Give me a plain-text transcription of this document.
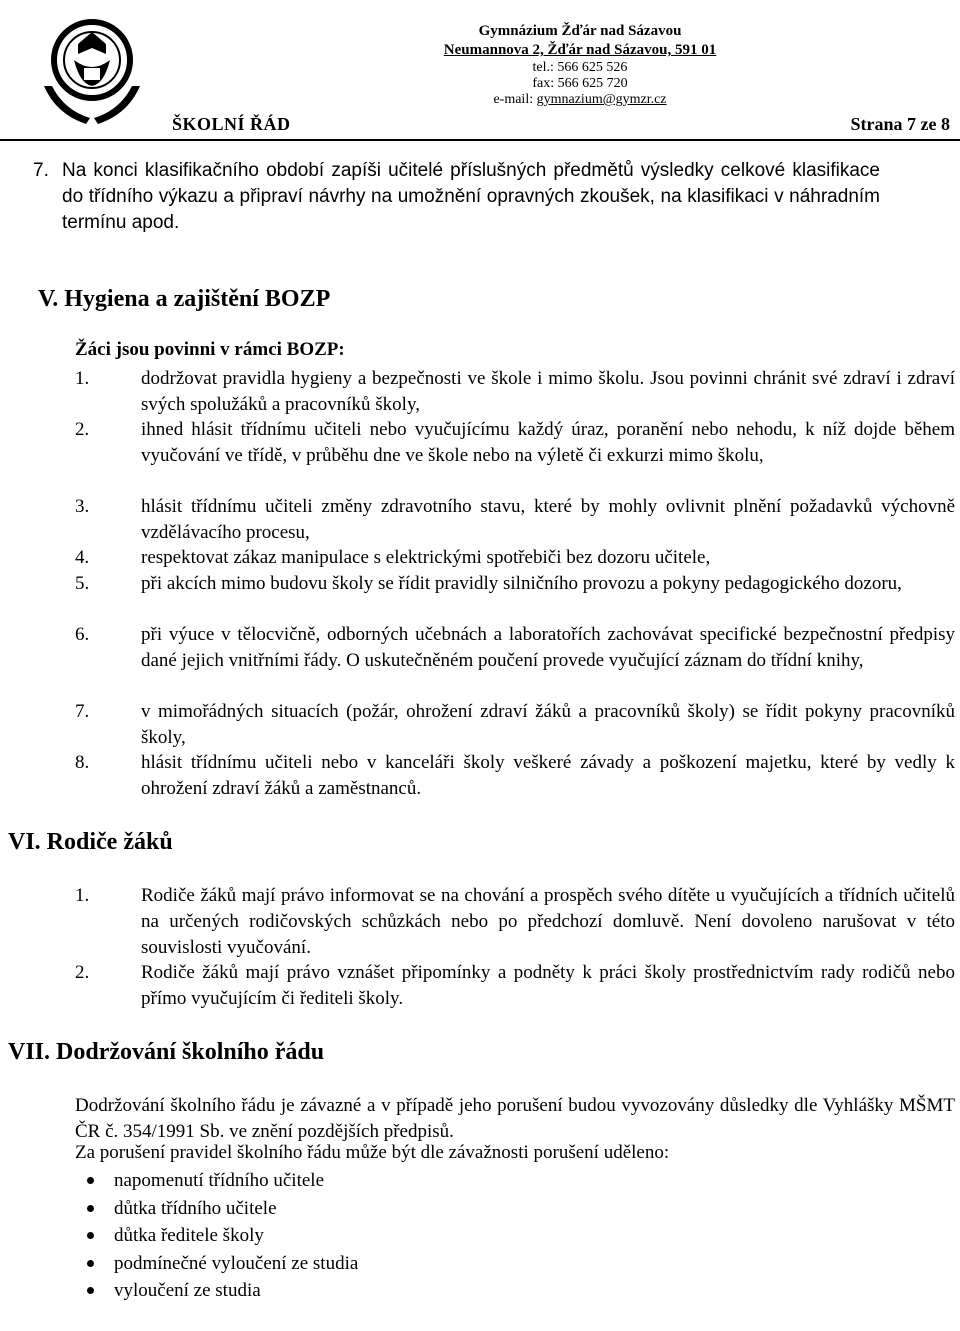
Gymnázium Žďár nad Sázavou
Neumannova 2, Žďár nad Sázavou, 591 01
tel.: 566 625 526
fax: 566 625 720
e-mail: gymnazium@gymzr.cz
ŠKOLNÍ ŘÁD	Strana 7 ze 8
7. Na konci klasifikačního období zapíši učitelé příslušných předmětů výsledky celkové klasifikace do třídního výkazu a připraví návrhy na umožnění opravných zkoušek, na klasifikaci v náhradním termínu apod.
V. Hygiena a zajištění BOZP
Žáci jsou povinni v rámci BOZP:
1.	dodržovat pravidla hygieny a bezpečnosti ve škole i mimo školu. Jsou povinni chránit své zdraví i zdraví svých spolužáků a pracovníků školy,
2.	ihned hlásit třídnímu učiteli nebo vyučujícímu každý úraz, poranění nebo nehodu, k níž dojde během vyučování ve třídě, v průběhu dne ve škole nebo na výletě či exkurzi mimo školu,
3.	hlásit třídnímu učiteli změny zdravotního stavu, které by mohly ovlivnit plnění požadavků výchovně vzdělávacího procesu,
4.	respektovat zákaz manipulace s elektrickými spotřebiči bez dozoru učitele,
5.	při akcích mimo budovu školy se řídit pravidly silničního provozu a pokyny pedagogického dozoru,
6.	při výuce v tělocvičně, odborných učebnách a laboratořích zachovávat specifické bezpečnostní předpisy dané jejich vnitřními řády. O uskutečněném poučení provede vyučující záznam do třídní knihy,
7.	v mimořádných situacích (požár, ohrožení zdraví žáků a pracovníků školy) se řídit pokyny pracovníků školy,
8.	hlásit třídnímu učiteli nebo v kanceláři školy veškeré závady a poškození majetku, které by vedly k ohrožení zdraví žáků a zaměstnanců.
VI. Rodiče žáků
1.	Rodiče žáků mají právo informovat se na chování a prospěch svého dítěte u vyučujících a třídních učitelů na určených rodičovských schůzkách nebo po předchozí domluvě. Není dovoleno narušovat v této souvislosti vyučování.
2.	Rodiče žáků mají právo vznášet připomínky a podněty k práci školy prostřednictvím rady rodičů nebo přímo vyučujícím či řediteli školy.
VII. Dodržování školního řádu
Dodržování školního řádu je závazné a v případě jeho porušení budou vyvozovány důsledky dle Vyhlášky MŠMT ČR č. 354/1991 Sb. ve znění pozdějších předpisů.
Za porušení pravidel školního řádu může být dle závažnosti porušení uděleno:
napomenutí třídního učitele
důtka třídního učitele
důtka ředitele školy
podmínečné vyloučení ze studia
vyloučení ze studia
